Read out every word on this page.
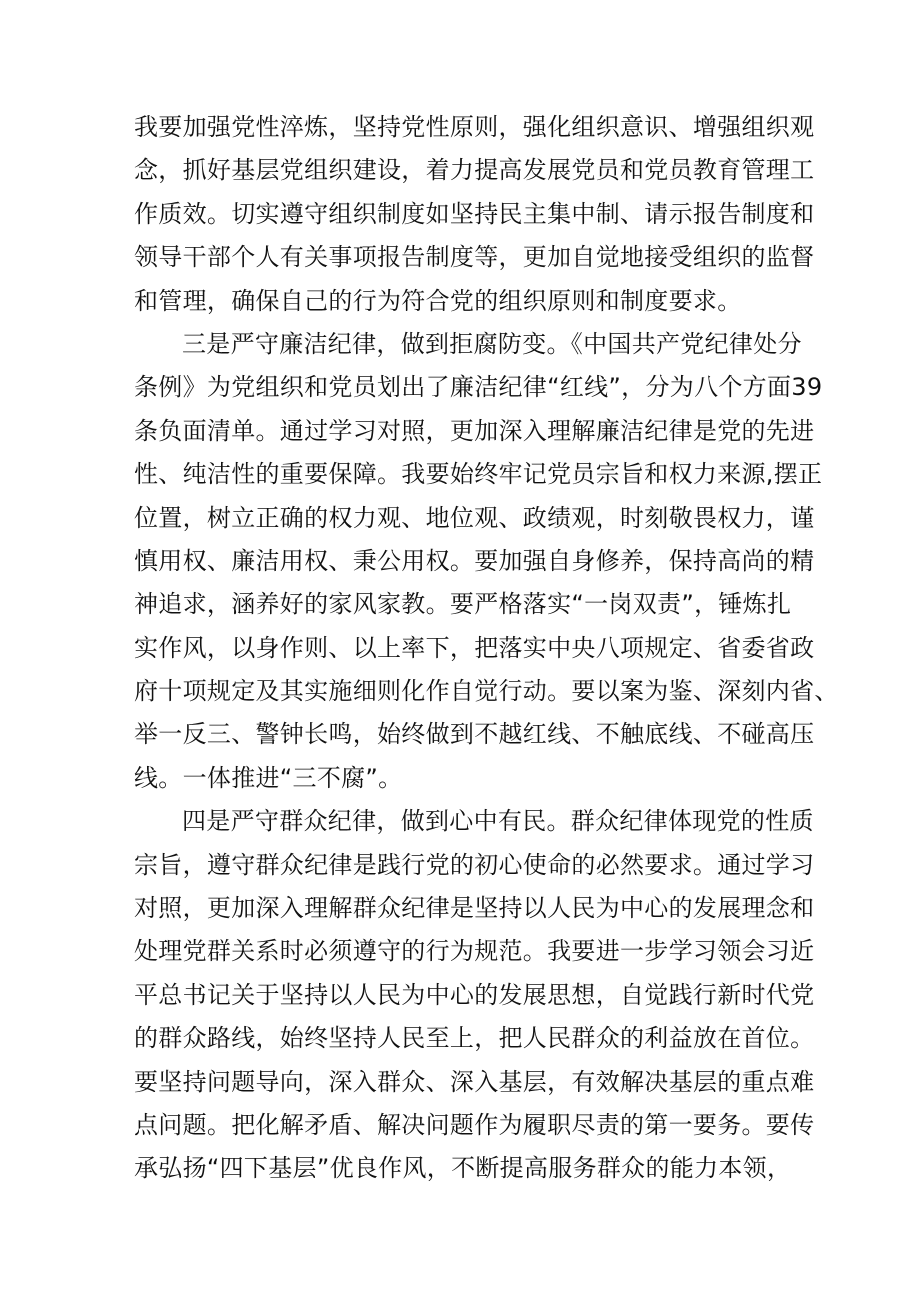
我要加强党性淬炼，坚持党性原则，强化组织意识、增强组织观
念，抓好基层党组织建设，着力提高发展党员和党员教育管理工
作质效。切实遵守组织制度如坚持民主集中制、请示报告制度和
领导干部个人有关事项报告制度等，更加自觉地接受组织的监督
和管理，确保自己的行为符合党的组织原则和制度要求。
三是严守廉洁纪律，做到拒腐防变。《中国共产党纪律处分
条例》为党组织和党员划出了廉洁纪律“红线”，分为八个方面39
条负面清单。通过学习对照，更加深入理解廉洁纪律是党的先进
性、纯洁性的重要保障。我要始终牢记党员宗旨和权力来源,摆正
位置，树立正确的权力观、地位观、政绩观，时刻敬畏权力，谨
慎用权、廉洁用权、秉公用权。要加强自身修养，保持高尚的精
神追求，涵养好的家风家教。要严格落实“一岗双责”，锤炼扎
实作风，以身作则、以上率下，把落实中央八项规定、省委省政
府十项规定及其实施细则化作自觉行动。要以案为鉴、深刻内省、
举一反三、警钟长鸣，始终做到不越红线、不触底线、不碰高压
线。一体推进“三不腐”。
四是严守群众纪律，做到心中有民。群众纪律体现党的性质
宗旨，遵守群众纪律是践行党的初心使命的必然要求。通过学习
对照，更加深入理解群众纪律是坚持以人民为中心的发展理念和
处理党群关系时必须遵守的行为规范。我要进一步学习领会习近
平总书记关于坚持以人民为中心的发展思想，自觉践行新时代党
的群众路线，始终坚持人民至上，把人民群众的利益放在首位。
要坚持问题导向，深入群众、深入基层，有效解决基层的重点难
点问题。把化解矛盾、解决问题作为履职尽责的第一要务。要传
承弘扬“四下基层”优良作风，不断提高服务群众的能力本领，
